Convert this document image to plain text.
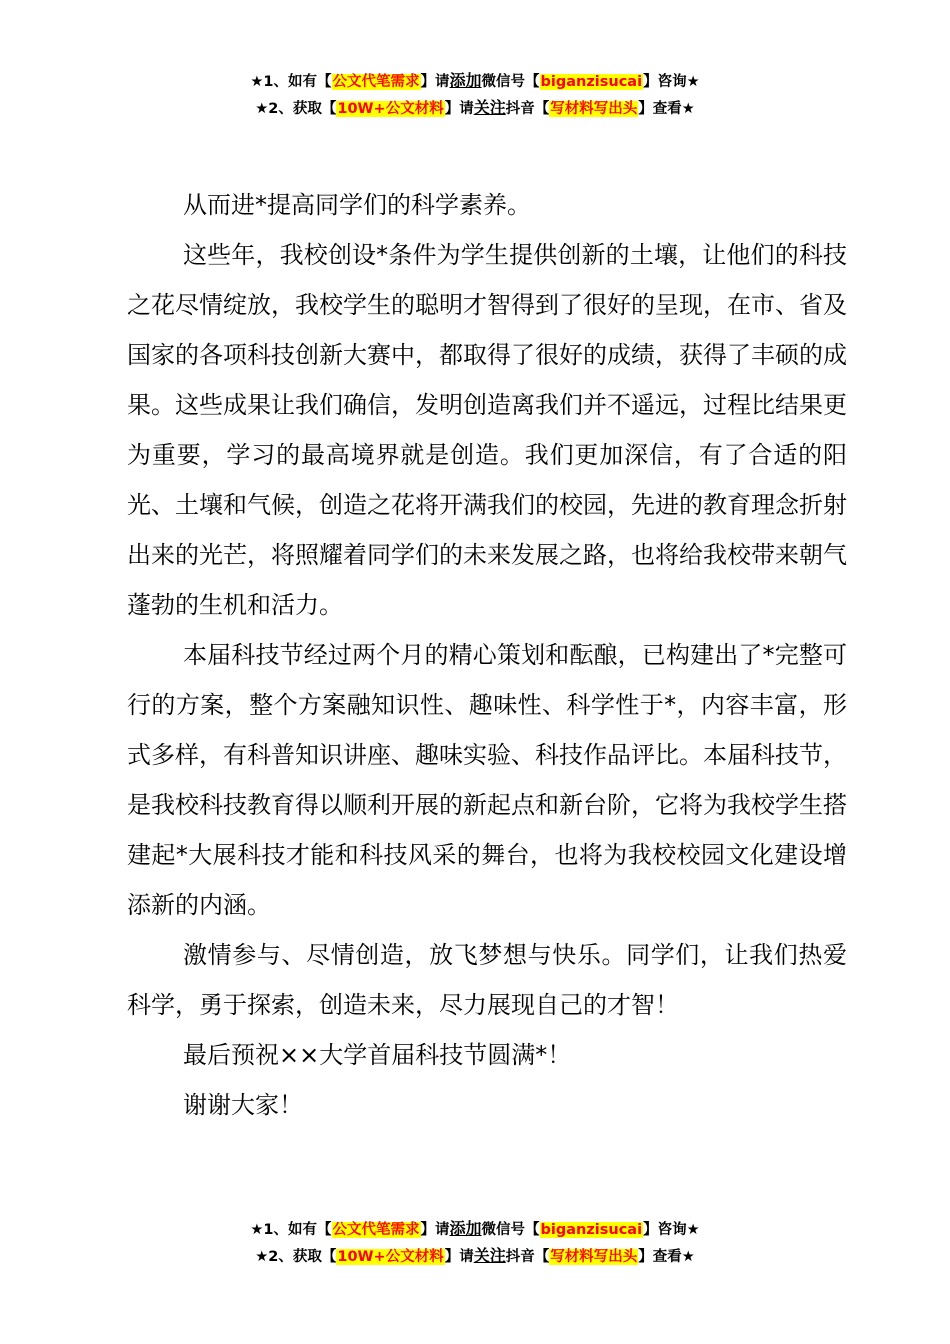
★1、如有【公文代笔需求】请添加微信号【biganzisucai】咨询★
★2、获取【10W+公文材料】请关注抖音【写材料写出头】查看★

从而进*提高同学们的科学素养。

这些年，我校创设*条件为学生提供创新的土壤，让他们的科技之花尽情绽放，我校学生的聪明才智得到了很好的呈现，在市、省及国家的各项科技创新大赛中，都取得了很好的成绩，获得了丰硕的成果。这些成果让我们确信，发明创造离我们并不遥远，过程比结果更为重要，学习的最高境界就是创造。我们更加深信，有了合适的阳光、土壤和气候，创造之花将开满我们的校园，先进的教育理念折射出来的光芒，将照耀着同学们的未来发展之路，也将给我校带来朝气蓬勃的生机和活力。

本届科技节经过两个月的精心策划和酝酿，已构建出了*完整可行的方案，整个方案融知识性、趣味性、科学性于*，内容丰富，形式多样，有科普知识讲座、趣味实验、科技作品评比。本届科技节，是我校科技教育得以顺利开展的新起点和新台阶，它将为我校学生搭建起*大展科技才能和科技风采的舞台，也将为我校校园文化建设增添新的内涵。

激情参与、尽情创造，放飞梦想与快乐。同学们，让我们热爱科学，勇于探索，创造未来，尽力展现自己的才智！

最后预祝××大学首届科技节圆满*！

谢谢大家！

★1、如有【公文代笔需求】请添加微信号【biganzisucai】咨询★
★2、获取【10W+公文材料】请关注抖音【写材料写出头】查看★
